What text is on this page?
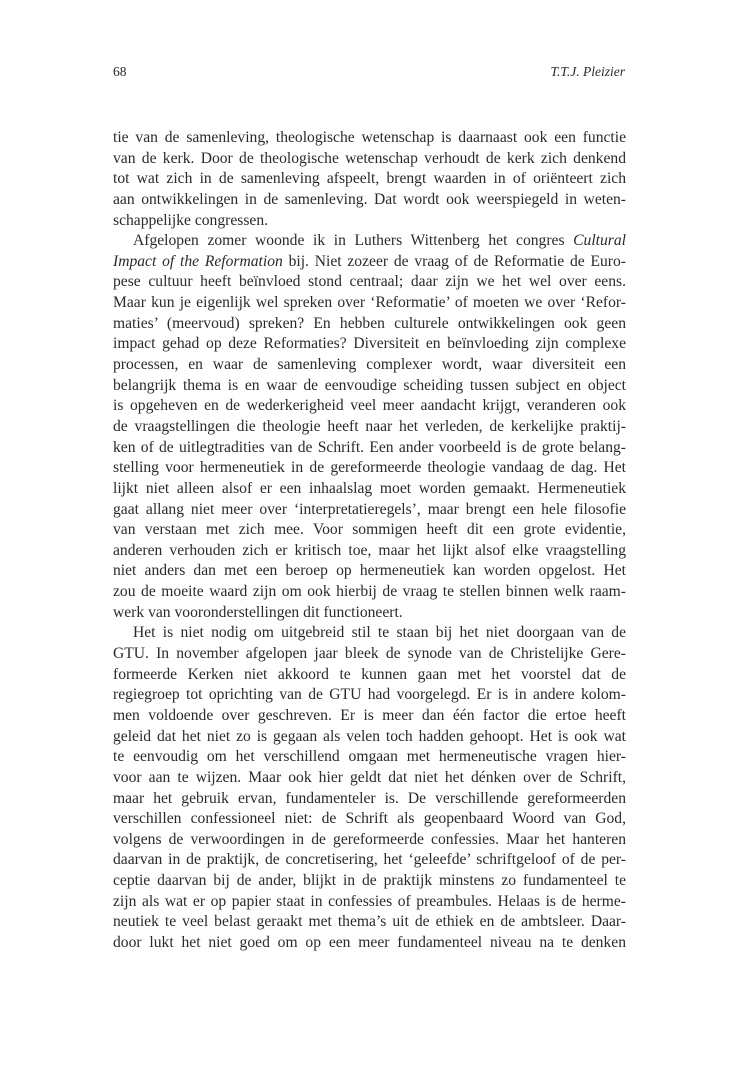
68	T.T.J. Pleizier
tie van de samenleving, theologische wetenschap is daarnaast ook een functie
van de kerk. Door de theologische wetenschap verhoudt de kerk zich denkend
tot wat zich in de samenleving afspeelt, brengt waarden in of oriënteert zich
aan ontwikkelingen in de samenleving. Dat wordt ook weerspiegeld in weten-
schappelijke congressen.
Afgelopen zomer woonde ik in Luthers Wittenberg het congres Cultural
Impact of the Reformation bij. Niet zozeer de vraag of de Reformatie de Euro-
pese cultuur heeft beïnvloed stond centraal; daar zijn we het wel over eens.
Maar kun je eigenlijk wel spreken over ‘Reformatie’ of moeten we over ‘Refor-
maties’ (meervoud) spreken? En hebben culturele ontwikkelingen ook geen
impact gehad op deze Reformaties? Diversiteit en beïnvloeding zijn complexe
processen, en waar de samenleving complexer wordt, waar diversiteit een
belangrijk thema is en waar de eenvoudige scheiding tussen subject en object
is opgeheven en de wederkerigheid veel meer aandacht krijgt, veranderen ook
de vraagstellingen die theologie heeft naar het verleden, de kerkelijke praktij-
ken of de uitlegtradities van de Schrift. Een ander voorbeeld is de grote belang-
stelling voor hermeneutiek in de gereformeerde theologie vandaag de dag. Het
lijkt niet alleen alsof er een inhaalslag moet worden gemaakt. Hermeneutiek
gaat allang niet meer over ‘interpretatieregels’, maar brengt een hele filosofie
van verstaan met zich mee. Voor sommigen heeft dit een grote evidentie,
anderen verhouden zich er kritisch toe, maar het lijkt alsof elke vraagstelling
niet anders dan met een beroep op hermeneutiek kan worden opgelost. Het
zou de moeite waard zijn om ook hierbij de vraag te stellen binnen welk raam-
werk van vooronderstellingen dit functioneert.
Het is niet nodig om uitgebreid stil te staan bij het niet doorgaan van de
GTU. In november afgelopen jaar bleek de synode van de Christelijke Gere-
formeerde Kerken niet akkoord te kunnen gaan met het voorstel dat de
regiegroep tot oprichting van de GTU had voorgelegd. Er is in andere kolom-
men voldoende over geschreven. Er is meer dan één factor die ertoe heeft
geleid dat het niet zo is gegaan als velen toch hadden gehoopt. Het is ook wat
te eenvoudig om het verschillend omgaan met hermeneutische vragen hier-
voor aan te wijzen. Maar ook hier geldt dat niet het dénken over de Schrift,
maar het gebruik ervan, fundamenteler is. De verschillende gereformeerden
verschillen confessioneel niet: de Schrift als geopenbaard Woord van God,
volgens de verwoordingen in de gereformeerde confessies. Maar het hanteren
daarvan in de praktijk, de concretisering, het ‘geleefde’ schriftgeloof of de per-
ceptie daarvan bij de ander, blijkt in de praktijk minstens zo fundamenteel te
zijn als wat er op papier staat in confessies of preambules. Helaas is de herme-
neutiek te veel belast geraakt met thema’s uit de ethiek en de ambtsleer. Daar-
door lukt het niet goed om op een meer fundamenteel niveau na te denken
